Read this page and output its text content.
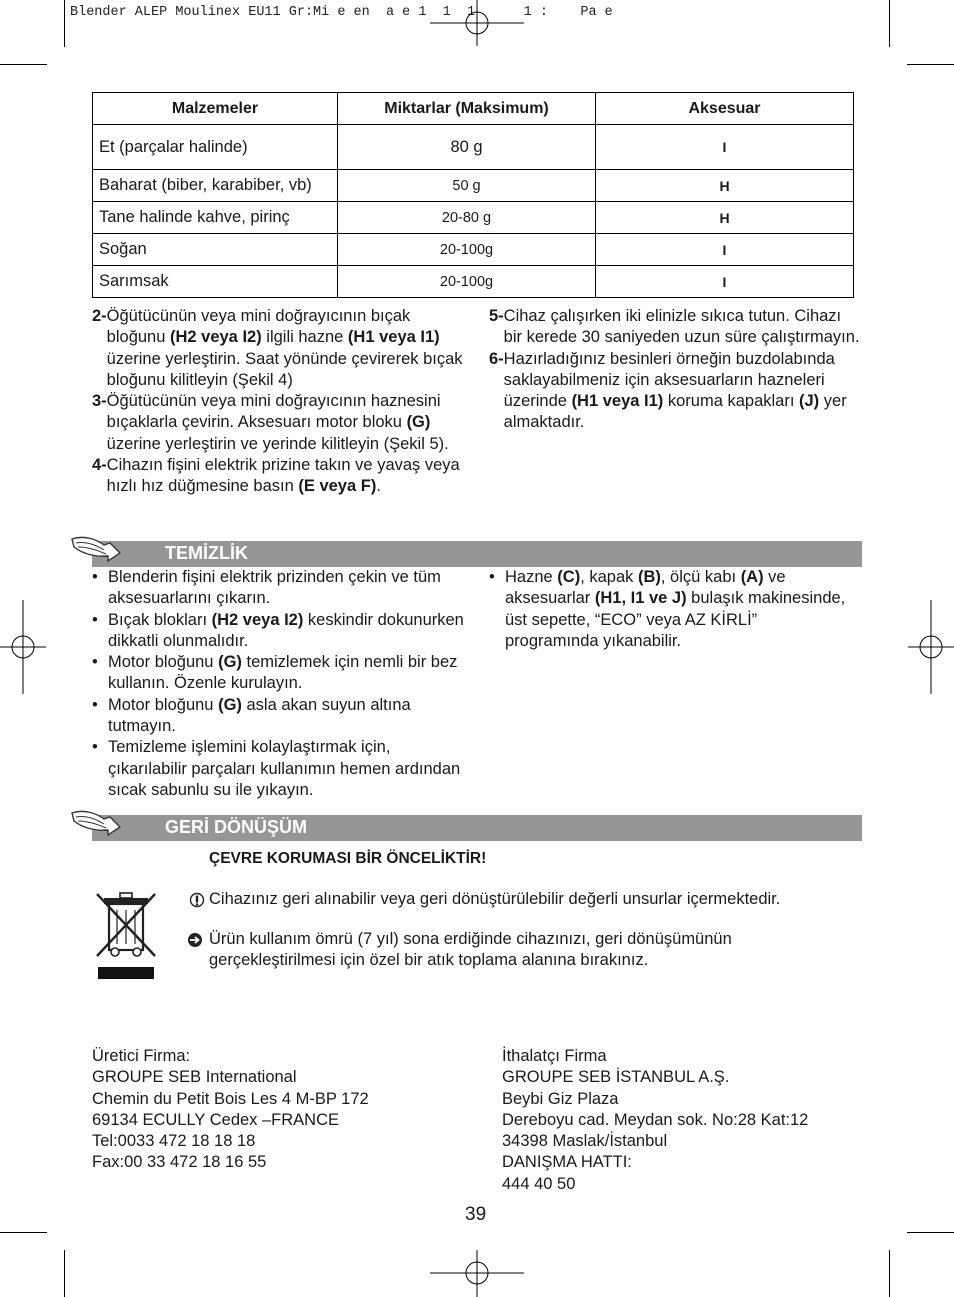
Blender ALEP Moulinex EU11 Gr:Mi e en  a e 1  1  1      1 :    Pa e
Malzemeler	Miktarlar (Maksimum)	Aksesuar
Et (parçalar halinde)	80 g	I
Baharat (biber, karabiber, vb)	50 g	H
Tane halinde kahve, pirinç	20-80 g	H
Soğan	20-100g	I
Sarımsak	20-100g	I
2- Öğütücünün veya mini doğrayıcının bıçak bloğunu (H2 veya I2) ilgili hazne (H1 veya I1) üzerine yerleştirin. Saat yönünde çevirerek bıçak bloğunu kilitleyin (Şekil 4)
3- Öğütücünün veya mini doğrayıcının haznesini bıçaklarla çevirin. Aksesuarı motor bloku (G) üzerine yerleştirin ve yerinde kilitleyin (Şekil 5).
4- Cihazın fişini elektrik prizine takın ve yavaş veya hızlı hız düğmesine basın (E veya F).
5- Cihaz çalışırken iki elinizle sıkıca tutun. Cihazı bir kerede 30 saniyeden uzun süre çalıştırmayın.
6- Hazırladığınız besinleri örneğin buzdolabında saklayabilmeniz için aksesuarların hazneleri üzerinde (H1 veya I1) koruma kapakları (J) yer almaktadır.
TEMİZLİK
• Blenderin fişini elektrik prizinden çekin ve tüm aksesuarlarını çıkarın.
• Bıçak blokları (H2 veya I2) keskindir dokunurken dikkatli olunmalıdır.
• Motor bloğunu (G) temizlemek için nemli bir bez kullanın. Özenle kurulayın.
• Motor bloğunu (G) asla akan suyun altına tutmayın.
• Temizleme işlemini kolaylaştırmak için, çıkarılabilir parçaları kullanımın hemen ardından sıcak sabunlu su ile yıkayın.
• Hazne (C), kapak (B), ölçü kabı (A) ve aksesuarlar (H1, I1 ve J) bulaşık makinesinde, üst sepette, “ECO” veya AZ KİRLİ” programında yıkanabilir.
GERİ DÖNÜŞÜM
ÇEVRE KORUMASI BİR ÖNCELİKTİR!
Cihazınız geri alınabilir veya geri dönüştürülebilir değerli unsurlar içermektedir.
Ürün kullanım ömrü (7 yıl) sona erdiğinde cihazınızı, geri dönüşümünün gerçekleştirilmesi için özel bir atık toplama alanına bırakınız.
Üretici Firma:
GROUPE SEB International
Chemin du Petit Bois Les 4 M-BP 172
69134 ECULLY Cedex –FRANCE
Tel:0033 472 18 18 18
Fax:00 33 472 18 16 55
İthalatçı Firma
GROUPE SEB İSTANBUL A.Ş.
Beybi Giz Plaza
Dereboyu cad. Meydan sok. No:28 Kat:12
34398 Maslak/İstanbul
DANIŞMA HATTI:
444 40 50
39
